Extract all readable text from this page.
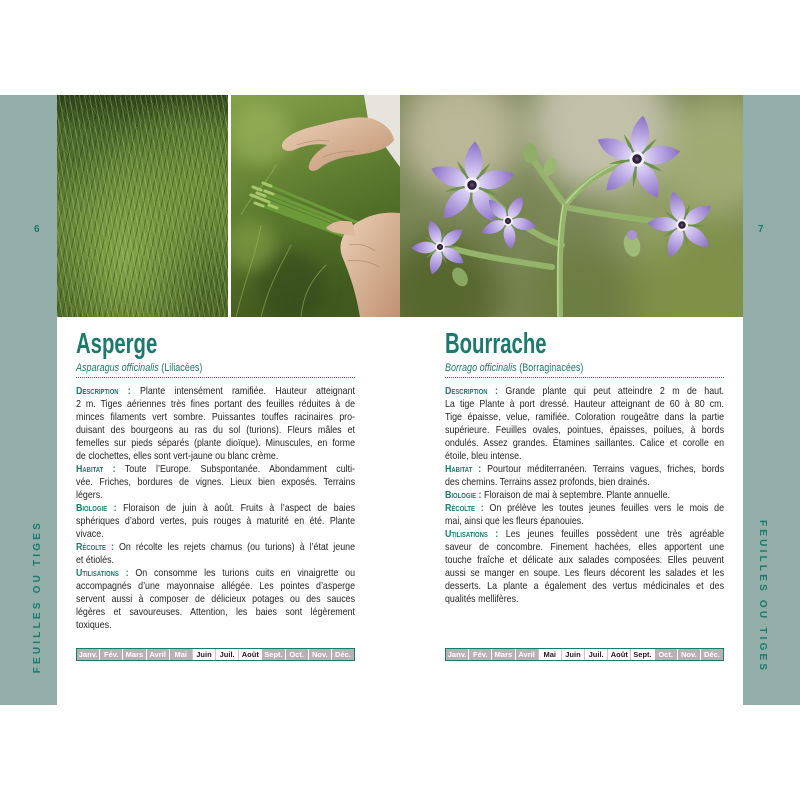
6
FEUILLES OU TIGES
7
FEUILLES OU TIGES
Asperge
Asparagus officinalis (Liliacées)
Description : Plante intensément ramifiée. Hauteur atteignant
2 m. Tiges aériennes très fines portant des feuilles réduites à de
minces filaments vert sombre. Puissantes touffes racinaires pro-
duisant des bourgeons au ras du sol (turions). Fleurs mâles et
femelles sur pieds séparés (plante dioïque). Minuscules, en forme
de clochettes, elles sont vert-jaune ou blanc crème.
Habitat : Toute l’Europe. Subspontanée. Abondamment culti-
vée. Friches, bordures de vignes. Lieux bien exposés. Terrains
légers.
Biologie : Floraison de juin à août. Fruits à l’aspect de baies
sphériques d’abord vertes, puis rouges à maturité en été. Plante
vivace.
Récolte : On récolte les rejets charnus (ou turions) à l’état jeune
et étiolés.
Utilisations : On consomme les turions cuits en vinaigrette ou
accompagnés d’une mayonnaise allégée. Les pointes d’asperge
servent aussi à composer de délicieux potages ou des sauces
légères et savoureuses. Attention, les baies sont légèrement
toxiques.
Janv. Fév. Mars Avril	Mai	Juin	Juil. Août Sept. Oct.	Nov. Déc.
Bourrache
Borrago officinalis (Borraginacées)
Description : Grande plante qui peut atteindre 2 m de haut.
La tige Plante à port dressé. Hauteur atteignant de 60 à 80 cm.
Tige épaisse, velue, ramifiée. Coloration rougeâtre dans la partie
supérieure. Feuilles ovales, pointues, épaisses, poilues, à bords
ondulés. Assez grandes. Étamines saillantes. Calice et corolle en
étoile, bleu intense.
Habitat : Pourtour méditerranéen. Terrains vagues, friches, bords
des chemins. Terrains assez profonds, bien drainés.
Biologie : Floraison de mai à septembre. Plante annuelle.
Récolte : On prélève les toutes jeunes feuilles vers le mois de
mai, ainsi que les fleurs épanouies.
Utilisations : Les jeunes feuilles possèdent une très agréable
saveur de concombre. Finement hachées, elles apportent une
touche fraîche et délicate aux salades composées. Elles peuvent
aussi se manger en soupe. Les fleurs décorent les salades et les
desserts. La plante a également des vertus médicinales et des
qualités mellifères.
Janv. Fév. Mars Avril	Mai	Juin	Juil. Août Sept. Oct.	Nov. Déc.
